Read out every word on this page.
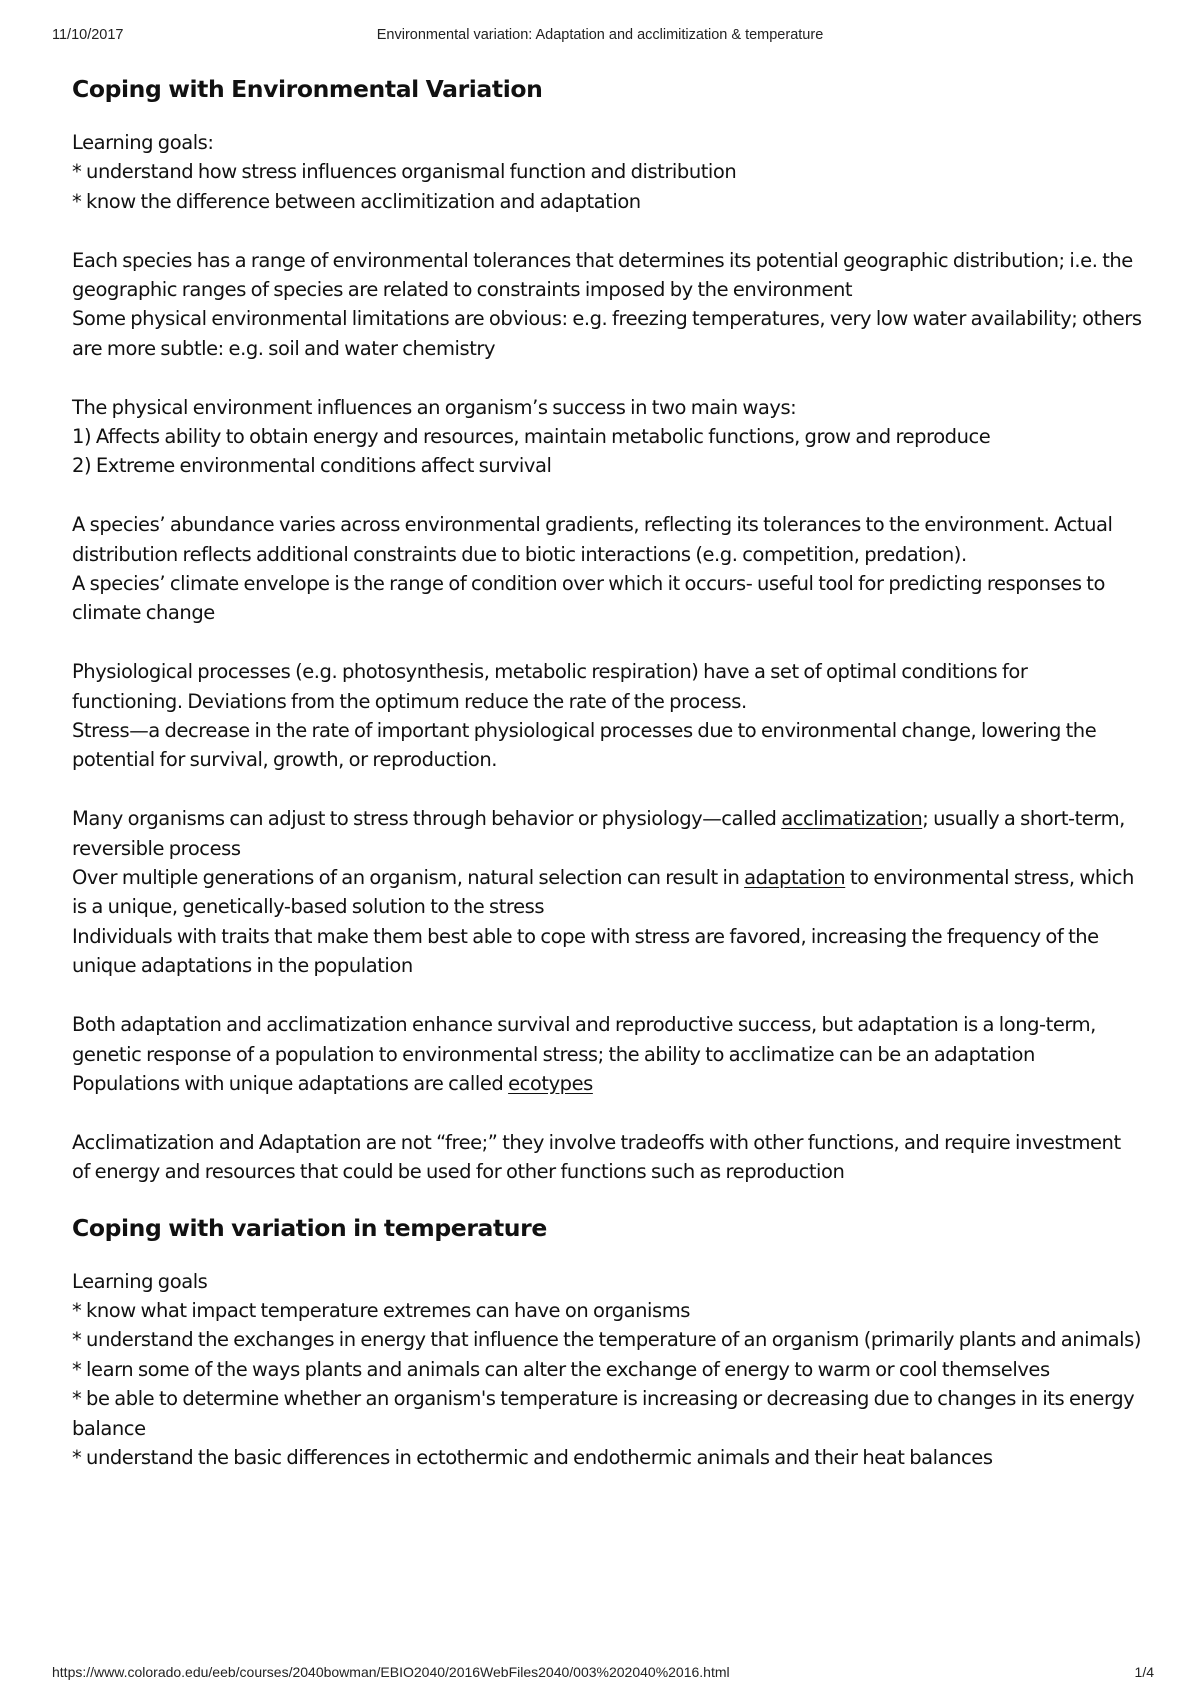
11/10/2017	Environmental variation: Adaptation and acclimitization & temperature
Coping with Environmental Variation

Learning goals:
* understand how stress influences organismal function and distribution
* know the difference between acclimitization and adaptation

Each species has a range of environmental tolerances that determines its potential geographic distribution; i.e. the geographic ranges of species are related to constraints imposed by the environment
Some physical environmental limitations are obvious: e.g. freezing temperatures, very low water availability; others are more subtle: e.g. soil and water chemistry

The physical environment influences an organism’s success in two main ways:
1) Affects ability to obtain energy and resources, maintain metabolic functions, grow and reproduce
2) Extreme environmental conditions affect survival

A species’ abundance varies across environmental gradients, reflecting its tolerances to the environment. Actual distribution reflects additional constraints due to biotic interactions (e.g. competition, predation).
A species’ climate envelope is the range of condition over which it occurs- useful tool for predicting responses to climate change

Physiological processes (e.g. photosynthesis, metabolic respiration) have a set of optimal conditions for functioning. Deviations from the optimum reduce the rate of the process.
Stress—a decrease in the rate of important physiological processes due to environmental change, lowering the potential for survival, growth, or reproduction.

Many organisms can adjust to stress through behavior or physiology—called acclimatization; usually a short-term, reversible process
Over multiple generations of an organism, natural selection can result in adaptation to environmental stress, which is a unique, genetically-based solution to the stress
Individuals with traits that make them best able to cope with stress are favored, increasing the frequency of the unique adaptations in the population

Both adaptation and acclimatization enhance survival and reproductive success, but adaptation is a long-term, genetic response of a population to environmental stress; the ability to acclimatize can be an adaptation
Populations with unique adaptations are called ecotypes

Acclimatization and Adaptation are not “free;” they involve tradeoffs with other functions, and require investment of energy and resources that could be used for other functions such as reproduction

Coping with variation in temperature

Learning goals
* know what impact temperature extremes can have on organisms
* understand the exchanges in energy that influence the temperature of an organism (primarily plants and animals)
* learn some of the ways plants and animals can alter the exchange of energy to warm or cool themselves
* be able to determine whether an organism's temperature is increasing or decreasing due to changes in its energy balance
* understand the basic differences in ectothermic and endothermic animals and their heat balances

https://www.colorado.edu/eeb/courses/2040bowman/EBIO2040/2016WebFiles2040/003%202040%2016.html	1/4
